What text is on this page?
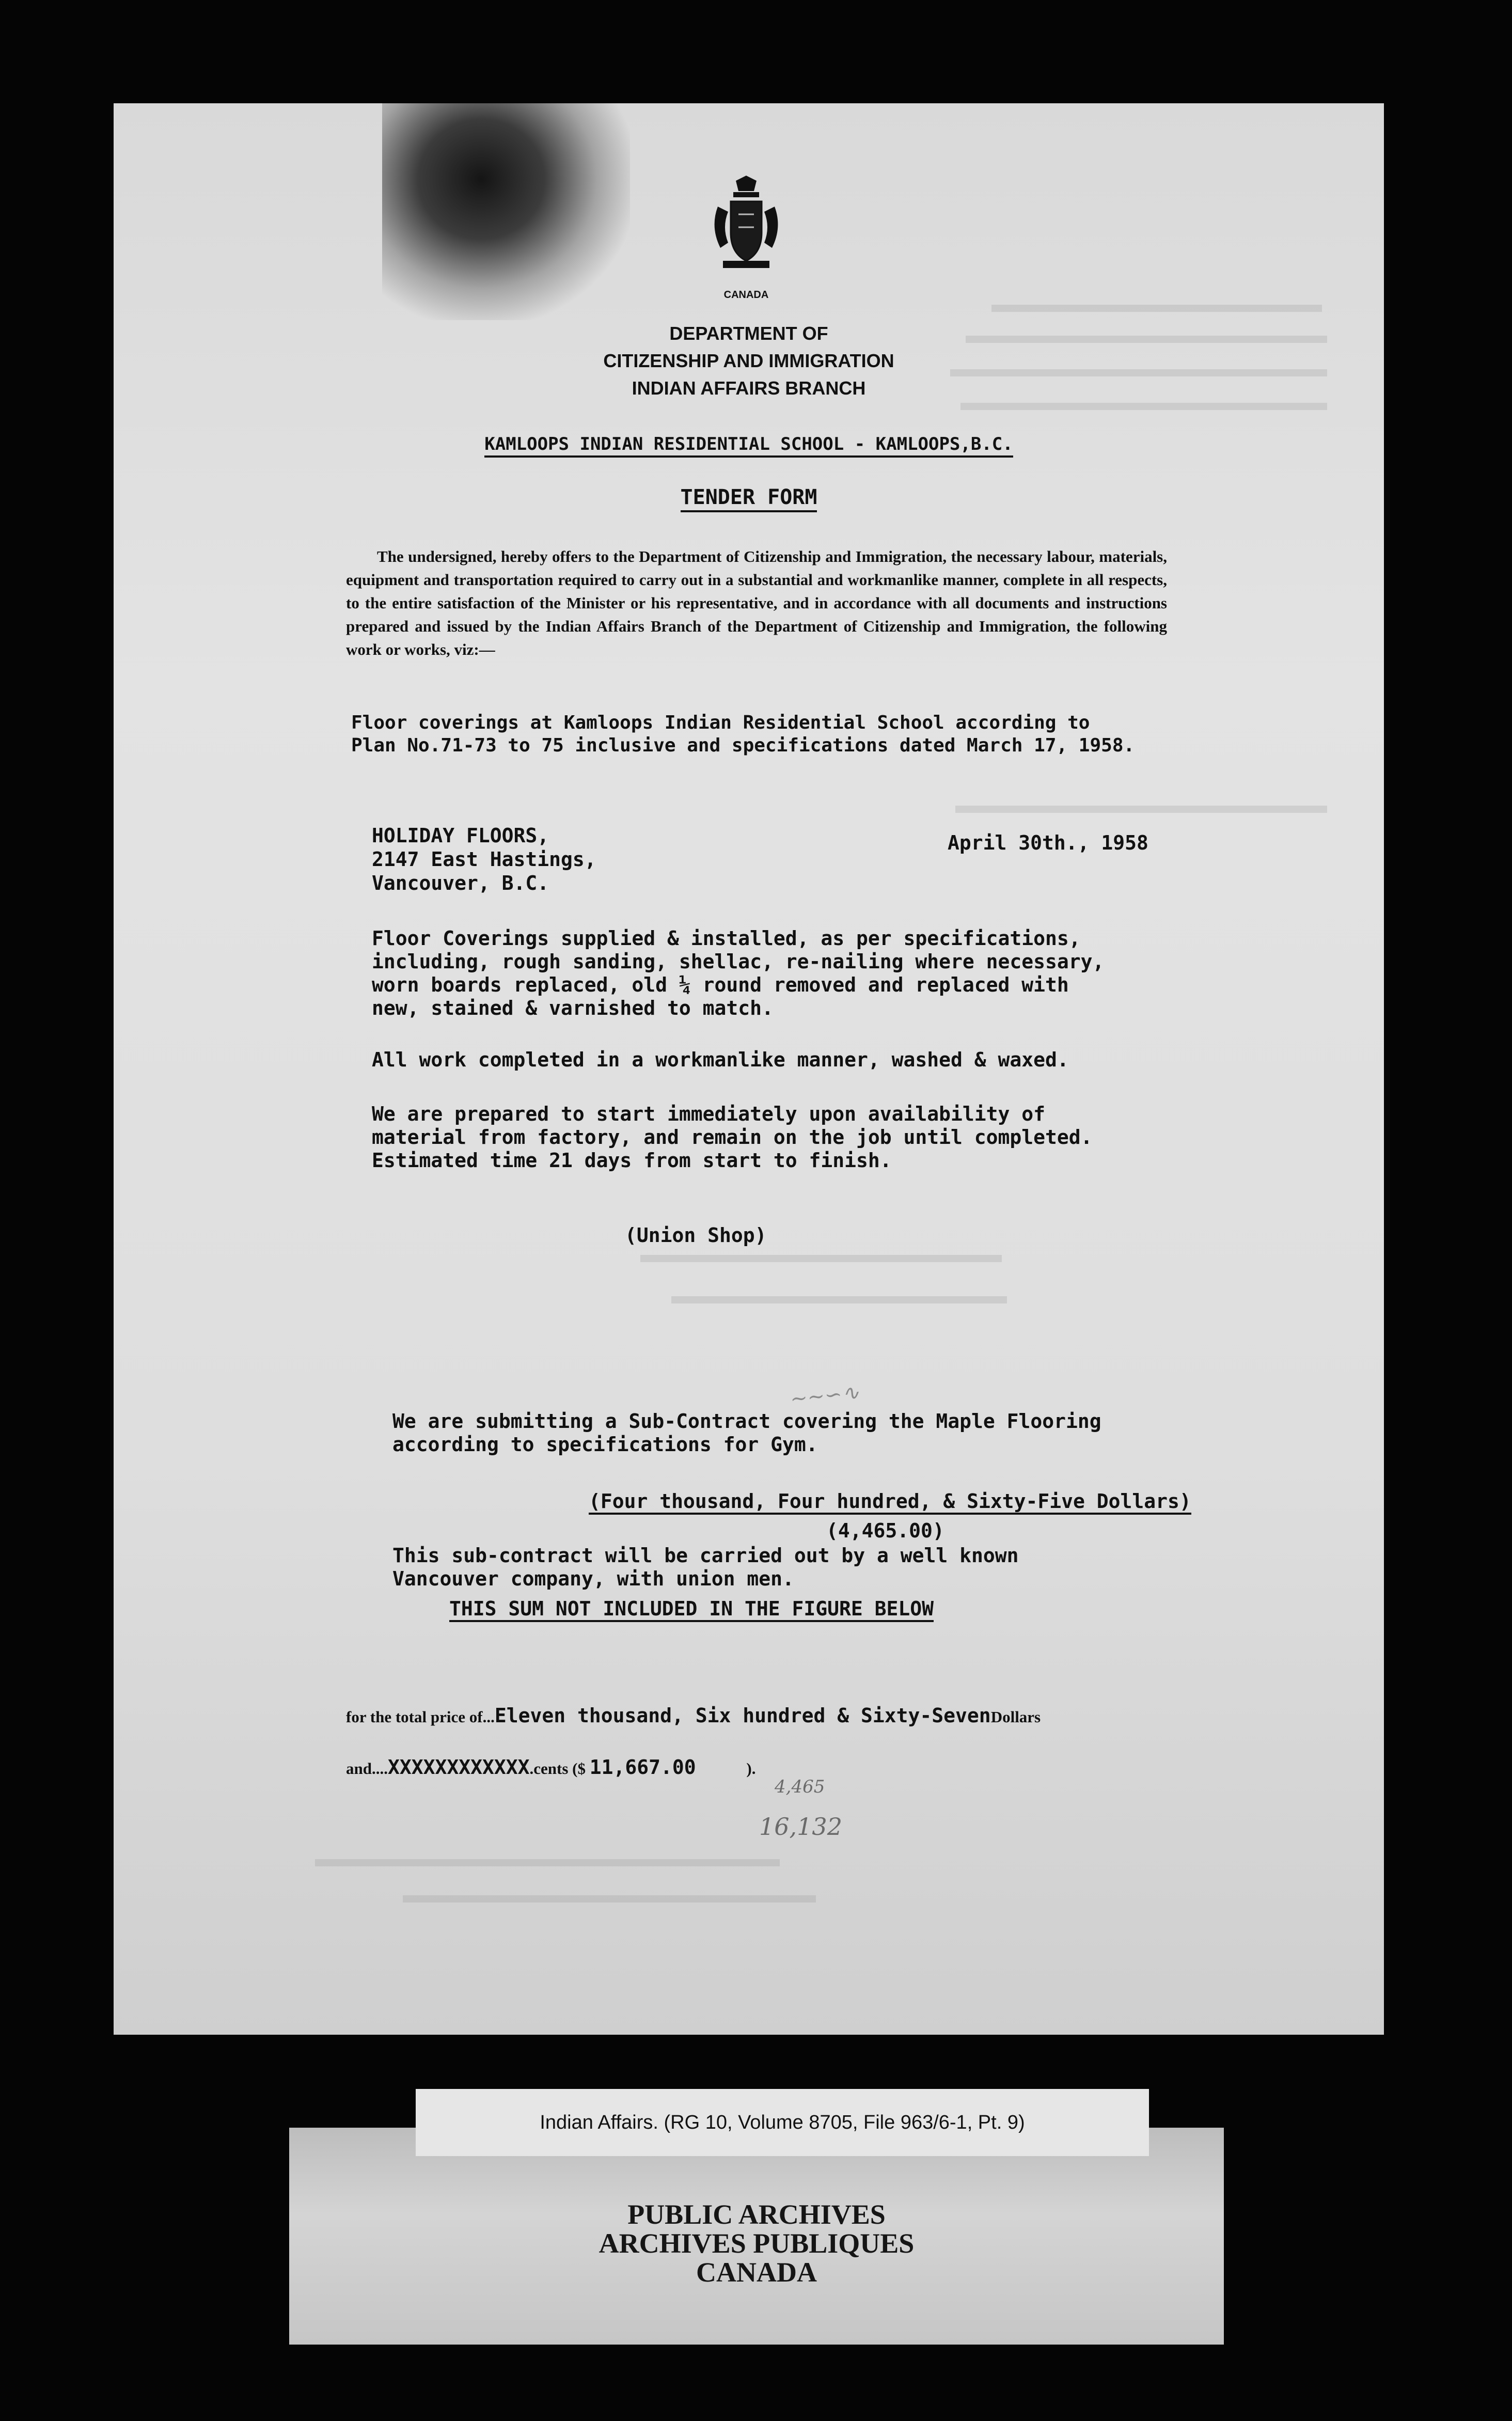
CANADA
DEPARTMENT OF
CITIZENSHIP AND IMMIGRATION
INDIAN AFFAIRS BRANCH
KAMLOOPS INDIAN RESIDENTIAL SCHOOL - KAMLOOPS,B.C.
TENDER FORM
The undersigned, hereby offers to the Department of Citizenship and Immigration, the necessary labour, materials, equipment and transportation required to carry out in a substantial and workmanlike manner, complete in all respects, to the entire satisfaction of the Minister or his representative, and in accordance with all documents and instructions prepared and issued by the Indian Affairs Branch of the Department of Citizenship and Immigration, the following work or works, viz:—
Floor coverings at Kamloops Indian Residential School according to
Plan No.71-73 to 75 inclusive and specifications dated March 17, 1958.
HOLIDAY FLOORS,
2147 East Hastings,
Vancouver, B.C.
April 30th., 1958
Floor Coverings supplied & installed, as per specifications,
including, rough sanding, shellac, re-nailing where necessary,
worn boards replaced, old ¼ round removed and replaced with
new, stained & varnished to match.
All work completed in a workmanlike manner, washed & waxed.
We are prepared to start immediately upon availability of
material from factory, and remain on the job until completed.
Estimated time 21 days from start to finish.
(Union Shop)
~∼∽∿
We are submitting a Sub-Contract covering the Maple Flooring
according to specifications for Gym.
(Four thousand, Four hundred, & Sixty-Five Dollars)
(4,465.00)
This sub-contract will be carried out by a well known
Vancouver company, with union men.
THIS SUM NOT INCLUDED IN THE FIGURE BELOW
for the total price of...Eleven thousand, Six hundred & Sixty-SevenDollars
and....XXXXXXXXXXXX.cents ($ 11,667.00	).
4,465
16,132
PUBLIC ARCHIVES
ARCHIVES PUBLIQUES
CANADA
Indian Affairs. (RG 10, Volume 8705, File 963/6-1, Pt. 9)
